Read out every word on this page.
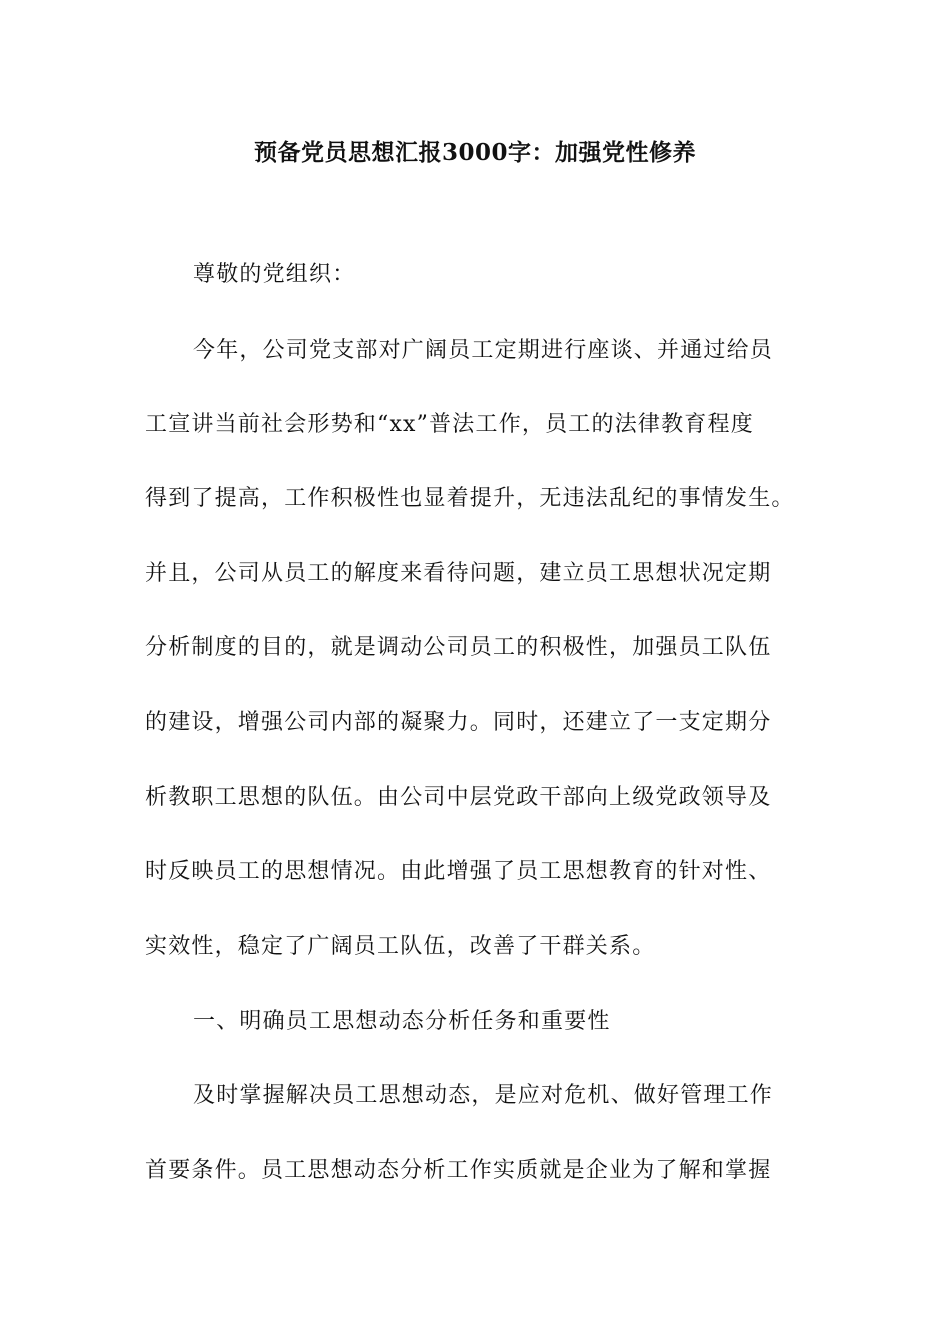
预备党员思想汇报3000字：加强党性修养
尊敬的党组织：
今年，公司党支部对广阔员工定期进行座谈、并通过给员
工宣讲当前社会形势和“xx”普法工作，员工的法律教育程度
得到了提高，工作积极性也显着提升，无违法乱纪的事情发生。
并且，公司从员工的解度来看待问题，建立员工思想状况定期
分析制度的目的，就是调动公司员工的积极性，加强员工队伍
的建设，增强公司内部的凝聚力。同时，还建立了一支定期分
析教职工思想的队伍。由公司中层党政干部向上级党政领导及
时反映员工的思想情况。由此增强了员工思想教育的针对性、
实效性，稳定了广阔员工队伍，改善了干群关系。
一、明确员工思想动态分析任务和重要性
及时掌握解决员工思想动态，是应对危机、做好管理工作
首要条件。员工思想动态分析工作实质就是企业为了解和掌握
